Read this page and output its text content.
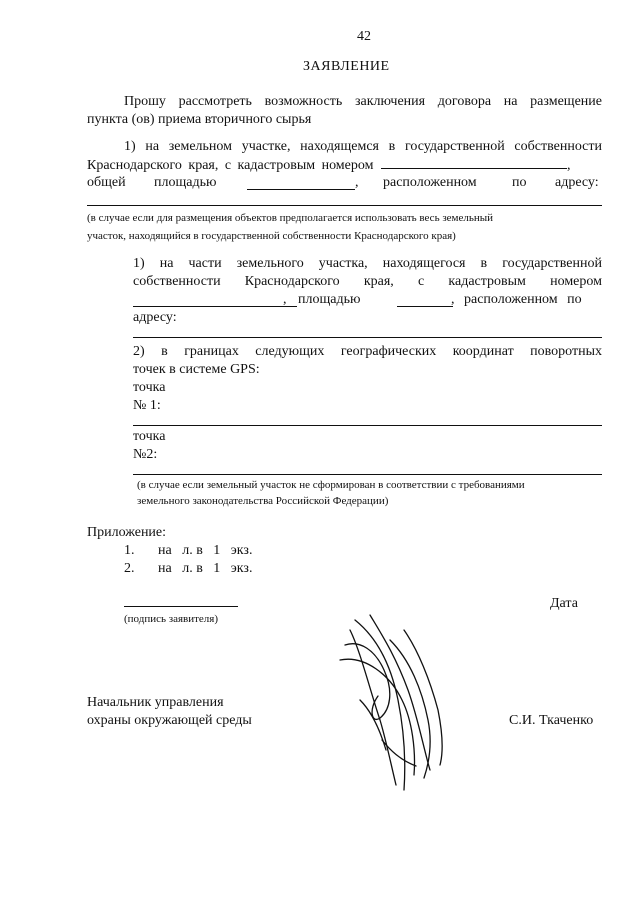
42
ЗАЯВЛЕНИЕ
Прошу рассмотреть возможность заключения договора на размещение
пункта (ов) приема вторичного сырья
1) на земельном участке, находящемся в государственной собственности
Краснодарского края, с кадастровым номером	,
общей площадью	, расположенном	по адресу:
(в случае если для размещения объектов предполагается использовать весь земельный
участок, находящийся в государственной собственности Краснодарского края)
1) на части земельного участка, находящегося в государственной
собственности Краснодарского края, с кадастровым номером
, площадью	, расположенном по
адресу:
2) в границах следующих географических координат поворотных
точек в системе GPS:
точка
№ 1:
точка
№2:
(в случае если земельный участок не сформирован в соответствии с требованиями
земельного законодательства Российской Федерации)
Приложение:
1. на   л. в   1   экз.
2. на   л. в   1   экз.
(подпись заявителя)
Дата
Начальник управления
охраны окружающей среды	С.И. Ткаченко
